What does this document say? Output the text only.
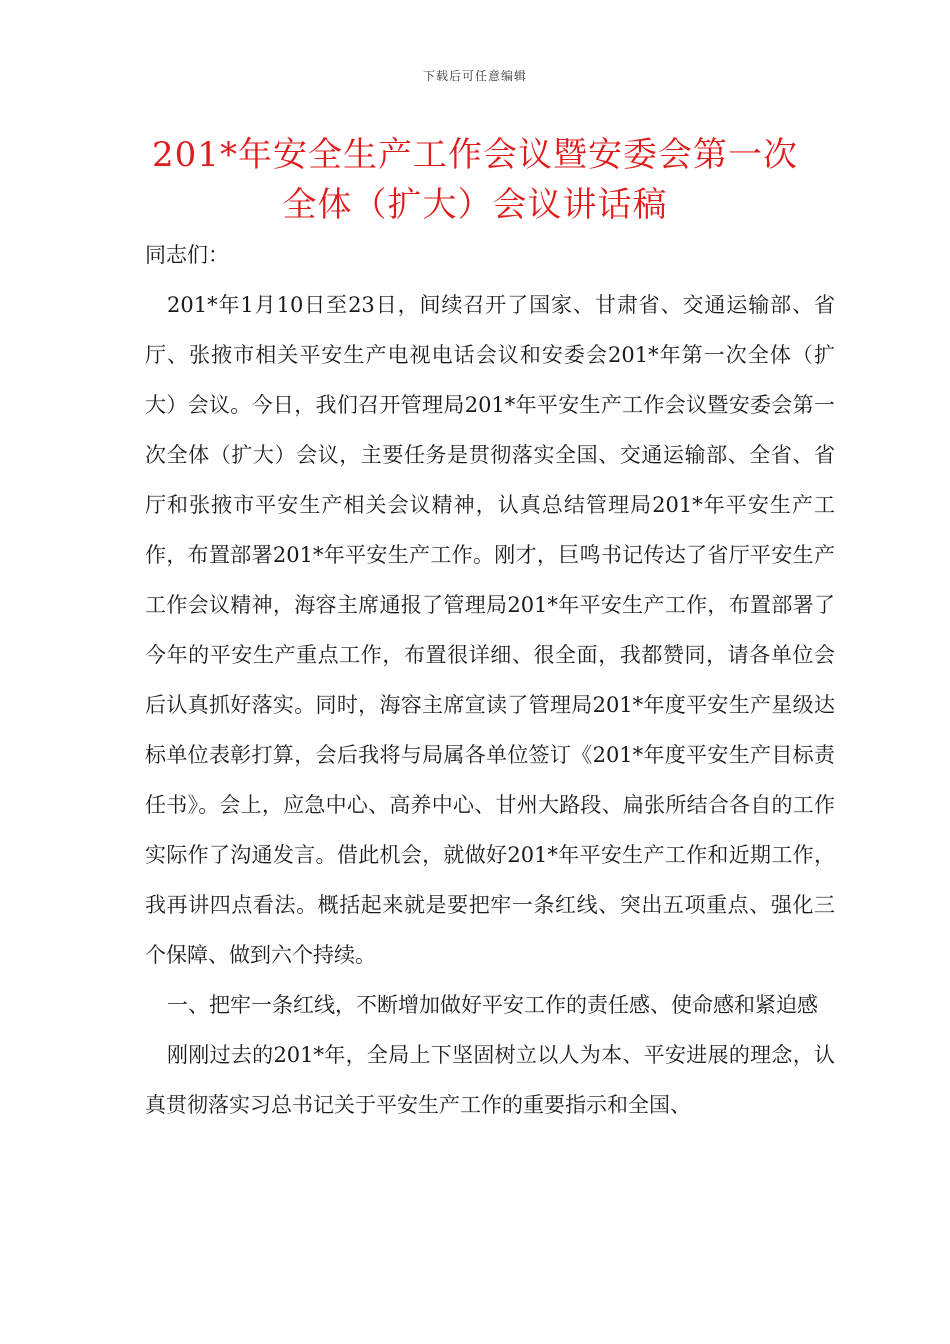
下载后可任意编辑
201*年安全生产工作会议暨安委会第一次
全体（扩大）会议讲话稿

同志们：

201*年1月10日至23日，间续召开了国家、甘肃省、交通运输部、省厅、张掖市相关平安生产电视电话会议和安委会201*年第一次全体（扩大）会议。今日，我们召开管理局201*年平安生产工作会议暨安委会第一次全体（扩大）会议，主要任务是贯彻落实全国、交通运输部、全省、省厅和张掖市平安生产相关会议精神，认真总结管理局201*年平安生产工作，布置部署201*年平安生产工作。刚才，巨鸣书记传达了省厅平安生产工作会议精神，海容主席通报了管理局201*年平安生产工作，布置部署了今年的平安生产重点工作，布置很详细、很全面，我都赞同，请各单位会后认真抓好落实。同时，海容主席宣读了管理局201*年度平安生产星级达标单位表彰打算，会后我将与局属各单位签订《201*年度平安生产目标责任书》。会上，应急中心、高养中心、甘州大路段、扁张所结合各自的工作实际作了沟通发言。借此机会，就做好201*年平安生产工作和近期工作，我再讲四点看法。概括起来就是要把牢一条红线、突出五项重点、强化三个保障、做到六个持续。

一、把牢一条红线，不断增加做好平安工作的责任感、使命感和紧迫感

刚刚过去的201*年，全局上下坚固树立以人为本、平安进展的理念，认真贯彻落实习总书记关于平安生产工作的重要指示和全国、
